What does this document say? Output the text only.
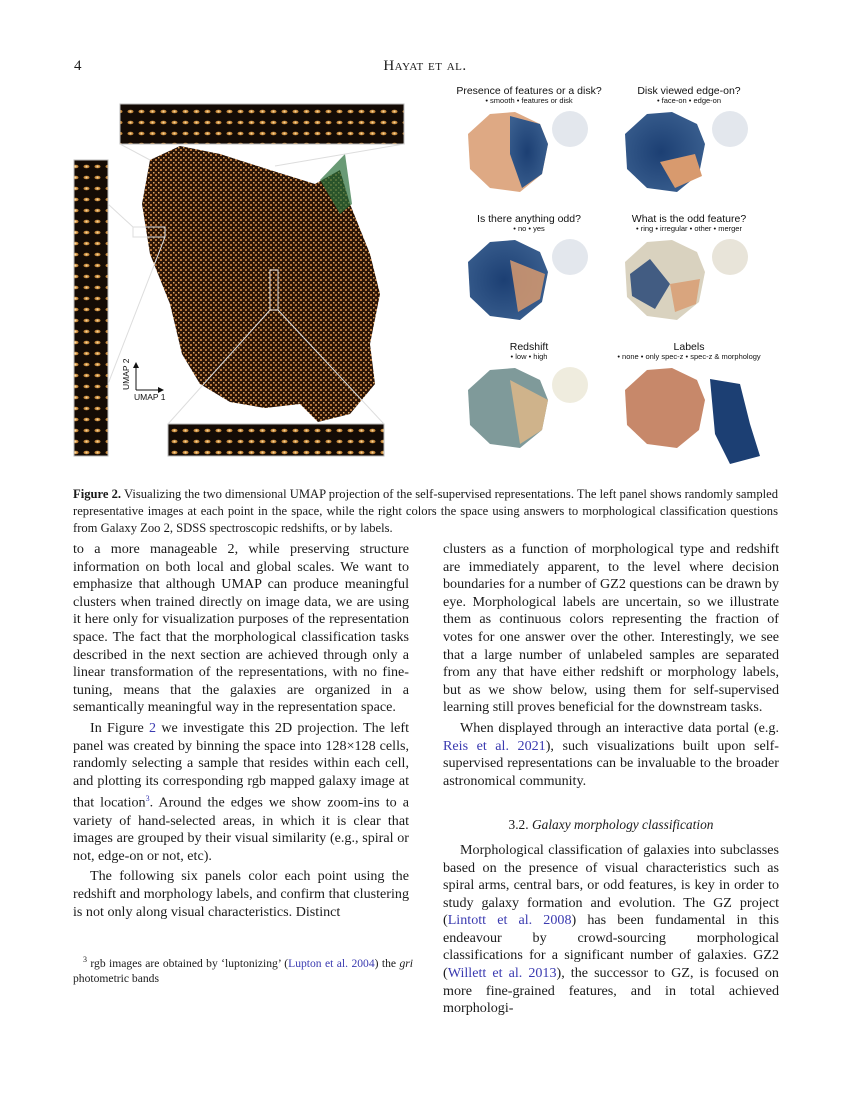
4	Hayat et al.
UMAP 1
UMAP 2
Presence of features or a disk?
• smooth • features or disk
Disk viewed edge-on?
• face-on • edge-on
Is there anything odd?
• no • yes
What is the odd feature?
• ring • irregular • other • merger
Redshift
• low • high
Labels
• none • only spec-z • spec-z & morphology
Figure 2. Visualizing the two dimensional UMAP projection of the self-supervised representations. The left panel shows randomly sampled representative images at each point in the space, while the right colors the space using answers to morphological classification questions from Galaxy Zoo 2, SDSS spectroscopic redshifts, or by labels.

to a more manageable 2, while preserving structure information on both local and global scales. We want to emphasize that although UMAP can produce meaningful clusters when trained directly on image data, we are using it here only for visualization purposes of the representation space. The fact that the morphological classification tasks described in the next section are achieved through only a linear transformation of the representations, with no fine-tuning, means that the galaxies are organized in a semantically meaningful way in the representation space.

In Figure 2 we investigate this 2D projection. The left panel was created by binning the space into 128×128 cells, randomly selecting a sample that resides within each cell, and plotting its corresponding rgb mapped galaxy image at that location$^3$. Around the edges we show zoom-ins to a variety of hand-selected areas, in which it is clear that images are grouped by their visual similarity (e.g., spiral or not, edge-on or not, etc).

The following six panels color each point using the redshift and morphology labels, and confirm that clustering is not only along visual characteristics. Distinct

$^3$ rgb images are obtained by ‘luptonizing’ (Lupton et al. 2004) the gri photometric bands

clusters as a function of morphological type and redshift are immediately apparent, to the level where decision boundaries for a number of GZ2 questions can be drawn by eye. Morphological labels are uncertain, so we illustrate them as continuous colors representing the fraction of votes for one answer over the other. Interestingly, we see that a large number of unlabeled samples are separated from any that have either redshift or morphology labels, but as we show below, using them for self-supervised learning still proves beneficial for the downstream tasks.

When displayed through an interactive data portal (e.g. Reis et al. 2021), such visualizations built upon self-supervised representations can be invaluable to the broader astronomical community.

3.2. Galaxy morphology classification

Morphological classification of galaxies into subclasses based on the presence of visual characteristics such as spiral arms, central bars, or odd features, is key in order to study galaxy formation and evolution. The GZ project (Lintott et al. 2008) has been fundamental in this endeavour by crowd-sourcing morphological classifications for a significant number of galaxies. GZ2 (Willett et al. 2013), the successor to GZ, is focused on more fine-grained features, and in total achieved morphologi-
